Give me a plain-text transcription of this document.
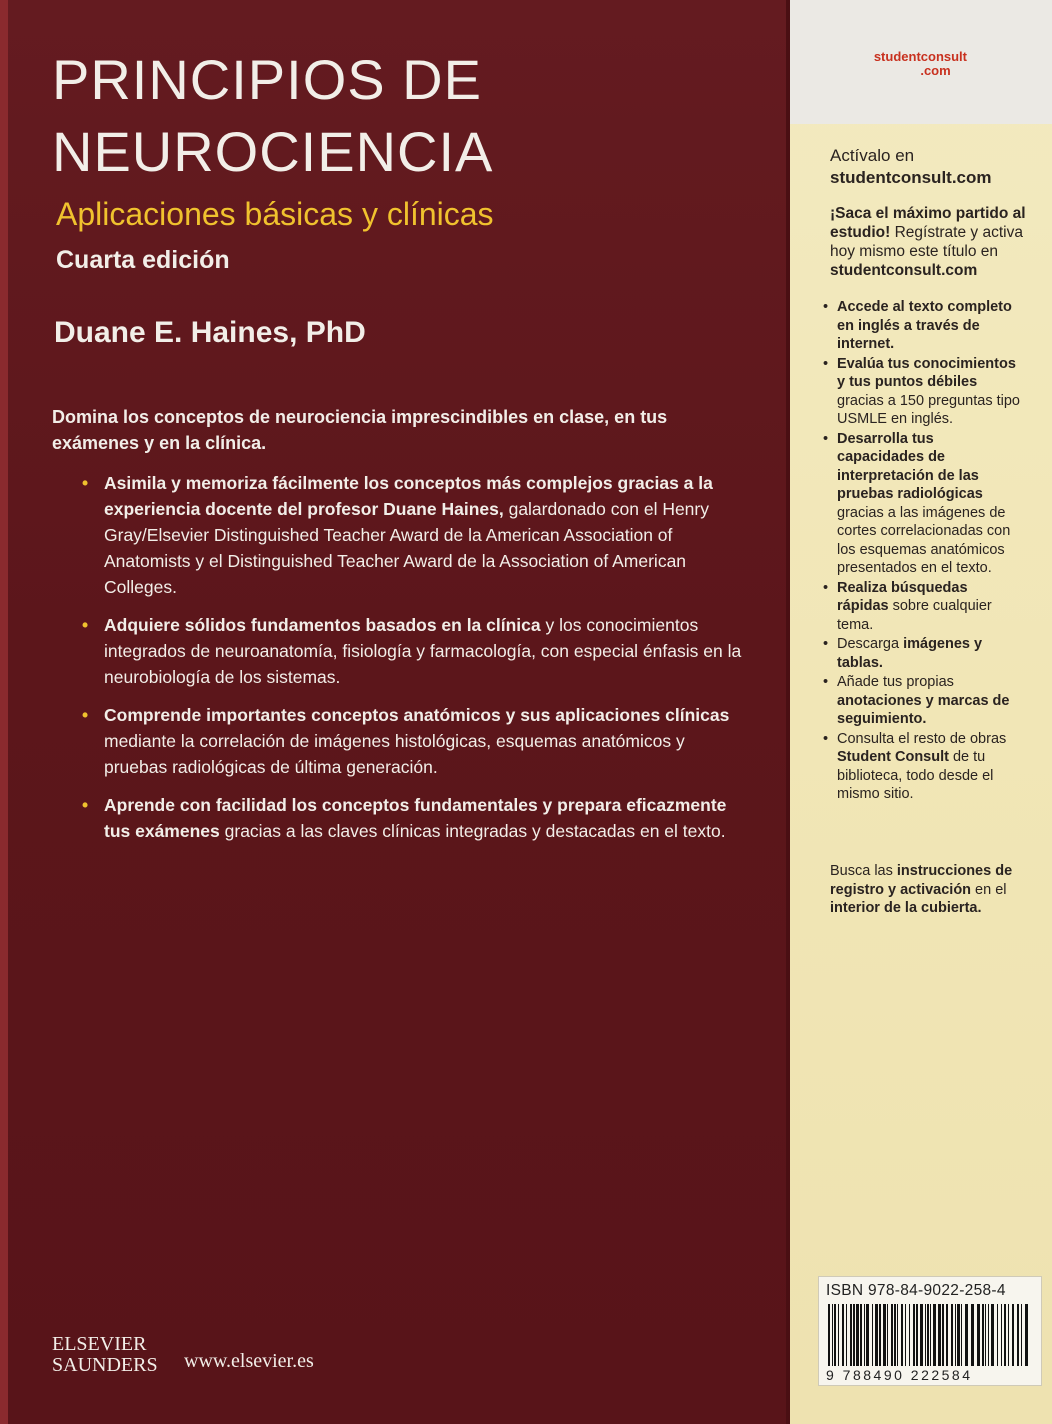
PRINCIPIOS DE
NEUROCIENCIA
Aplicaciones básicas y clínicas
Cuarta edición
Duane E. Haines, PhD
Domina los conceptos de neurociencia imprescindibles en clase, en tus exámenes y en la clínica.
• Asimila y memoriza fácilmente los conceptos más complejos gracias a la experiencia docente del profesor Duane Haines, galardonado con el Henry Gray/Elsevier Distinguished Teacher Award de la American Association of Anatomists y el Distinguished Teacher Award de la Association of American Colleges.
• Adquiere sólidos fundamentos basados en la clínica y los conocimientos integrados de neuroanatomía, fisiología y farmacología, con especial énfasis en la neurobiología de los sistemas.
• Comprende importantes conceptos anatómicos y sus aplicaciones clínicas mediante la correlación de imágenes histológicas, esquemas anatómicos y pruebas radiológicas de última generación.
• Aprende con facilidad los conceptos fundamentales y prepara eficazmente tus exámenes gracias a las claves clínicas integradas y destacadas en el texto.
ELSEVIER
SAUNDERS www.elsevier.es
studentconsult
.com
Actívalo en
studentconsult.com
¡Saca el máximo partido al estudio! Regístrate y activa hoy mismo este título en studentconsult.com
• Accede al texto completo en inglés a través de internet.
• Evalúa tus conocimientos y tus puntos débiles gracias a 150 preguntas tipo USMLE en inglés.
• Desarrolla tus capacidades de interpretación de las pruebas radiológicas gracias a las imágenes de cortes correlacionadas con los esquemas anatómicos presentados en el texto.
• Realiza búsquedas rápidas sobre cualquier tema.
• Descarga imágenes y tablas.
• Añade tus propias anotaciones y marcas de seguimiento.
• Consulta el resto de obras Student Consult de tu biblioteca, todo desde el mismo sitio.
Busca las instrucciones de registro y activación en el interior de la cubierta.
ISBN 978-84-9022-258-4
9 788490 222584
